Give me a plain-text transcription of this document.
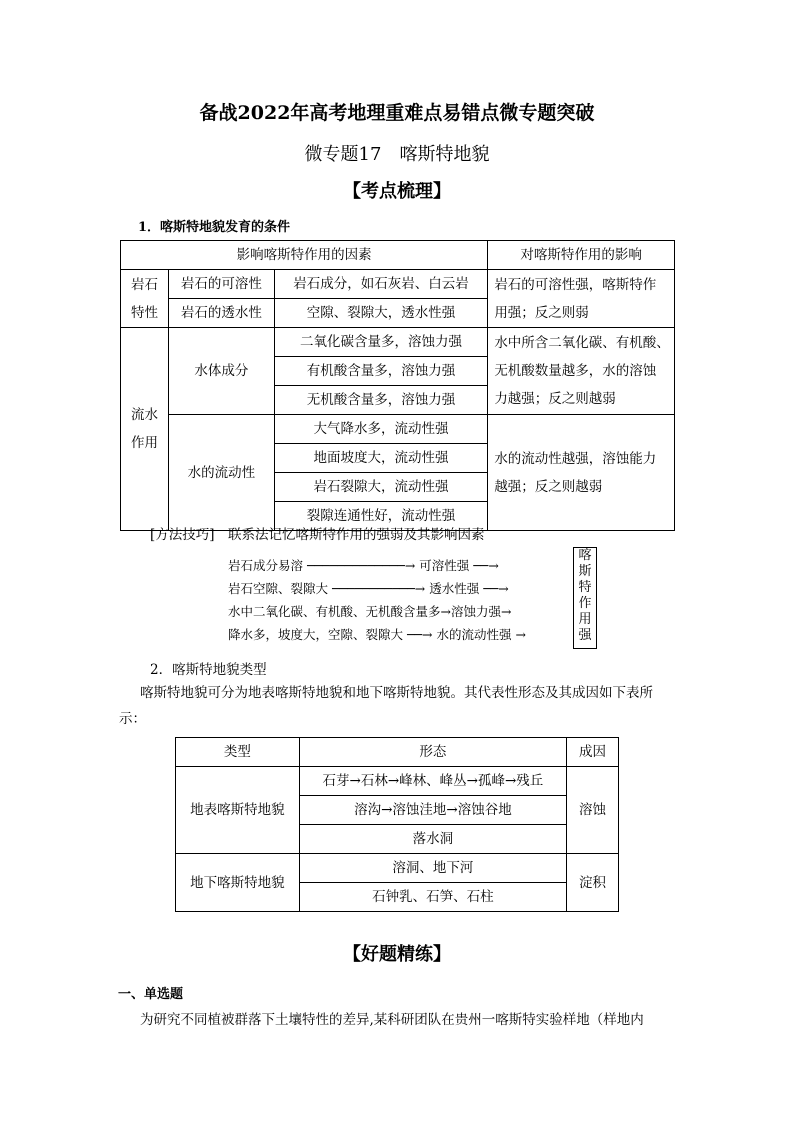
备战2022年高考地理重难点易错点微专题突破
微专题17　喀斯特地貌
【考点梳理】
1．喀斯特地貌发育的条件
影响喀斯特作用的因素			对喀斯特作用的影响
岩石
特性	岩石的可溶性	岩石成分，如石灰岩、白云岩	岩石的可溶性强，喀斯特作
用强；反之则弱
	岩石的透水性	空隙、裂隙大，透水性强	
流水
作用	水体成分	二氧化碳含量多，溶蚀力强	水中所含二氧化碳、有机酸、
无机酸数量越多，水的溶蚀
力越强；反之则越弱
		有机酸含量多，溶蚀力强	
		无机酸含量多，溶蚀力强	
	水的流动性	大气降水多，流动性强	水的流动性越强，溶蚀能力
越强；反之则越弱
		地面坡度大，流动性强	
		岩石裂隙大，流动性强	
		裂隙连通性好，流动性强	
[方法技巧]　联系法记忆喀斯特作用的强弱及其影响因素
岩石成分易溶 ─────────────→ 可溶性强 ──→
岩石空隙、裂隙大 ───────────→ 透水性强 ──→
水中二氧化碳、有机酸、无机酸含量多→溶蚀力强→
降水多，坡度大，空隙、裂隙大 ──→ 水的流动性强 →
喀
斯
特
作
用
强
2．喀斯特地貌类型
喀斯特地貌可分为地表喀斯特地貌和地下喀斯特地貌。其代表性形态及其成因如下表所
示：
类型	形态	成因
地表喀斯特地貌	石芽→石林→峰林、峰丛→孤峰→残丘	溶蚀
	溶沟→溶蚀洼地→溶蚀谷地	
	落水洞	
地下喀斯特地貌	溶洞、地下河	淀积
	石钟乳、石笋、石柱	
【好题精练】
一、单选题
为研究不同植被群落下土壤特性的差异,某科研团队在贵州一喀斯特实验样地（样地内
